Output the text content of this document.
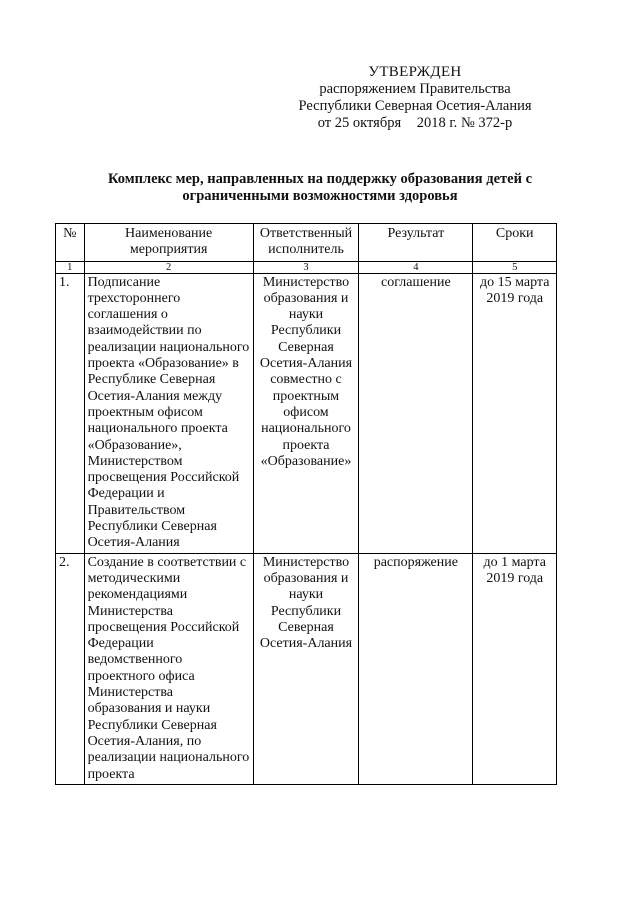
УТВЕРЖДЕН
распоряжением Правительства
Республики Северная Осетия-Алания
от 25 октября 2018 г. № 372-р
Комплекс мер, направленных на поддержку образования детей с ограниченными возможностями здоровья
№	Наименование мероприятия	Ответственный исполнитель	Результат	Сроки
1	2	3	4	5
1.	Подписание трехстороннего соглашения о взаимодействии по реализации национального проекта «Образование» в Республике Северная Осетия-Алания между проектным офисом национального проекта «Образование», Министерством просвещения Российской Федерации и Правительством Республики Северная Осетия-Алания	Министерство образования и науки Республики Северная Осетия-Алания совместно с проектным офисом национального проекта «Образование»	соглашение	до 15 марта 2019 года
2.	Создание в соответствии с методическими рекомендациями Министерства просвещения Российской Федерации ведомственного проектного офиса Министерства образования и науки Республики Северная Осетия-Алания, по реализации национального проекта	Министерство образования и науки Республики Северная Осетия-Алания	распоряжение	до 1 марта 2019 года
